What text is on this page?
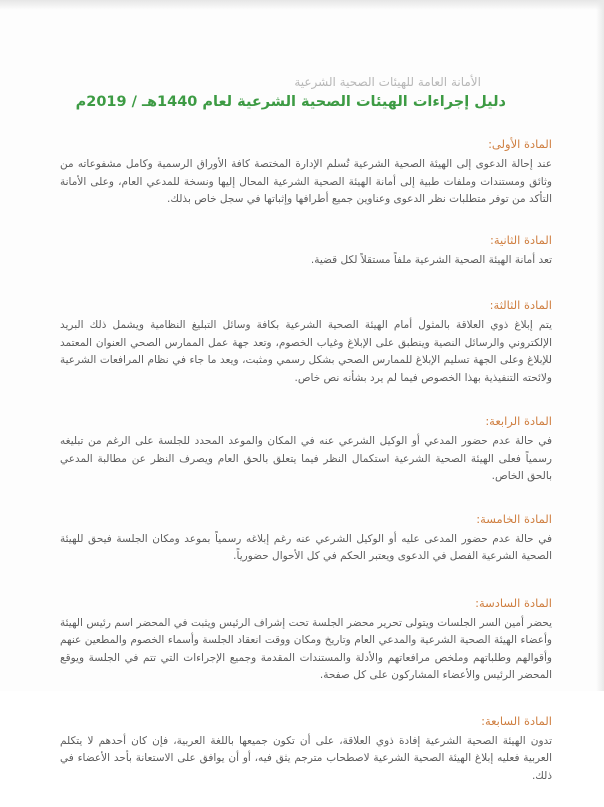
الأمانة العامة للهيئات الصحية الشرعية
دليل إجراءات الهيئات الصحية الشرعية لعام 1440هـ / 2019م
المادة الأولى:
عند إحالة الدعوى إلى الهيئة الصحية الشرعية تُسلم الإدارة المختصة كافة الأوراق الرسمية وكامل مشفوعاته من وثائق ومستندات وملفات طبية إلى أمانة الهيئة الصحية الشرعية المحال إليها ونسخة للمدعي العام، وعلى الأمانة التأكد من توفر متطلبات نظر الدعوى وعناوين جميع أطرافها وإثباتها في سجل خاص بذلك.
المادة الثانية:
تعد أمانة الهيئة الصحية الشرعية ملفاً مستقلاً لكل قضية.
المادة الثالثة:
يتم إبلاغ ذوي العلاقة بالمثول أمام الهيئة الصحية الشرعية بكافة وسائل التبليغ النظامية ويشمل ذلك البريد الإلكتروني والرسائل النصية وينطبق على الإبلاغ وغياب الخصوم، وتعد جهة عمل الممارس الصحي العنوان المعتمد للإبلاغ وعلى الجهة تسليم الإبلاغ للممارس الصحي بشكل رسمي ومثبت، ويعد ما جاء في نظام المرافعات الشرعية ولائحته التنفيذية بهذا الخصوص فيما لم يرد بشأنه نص خاص.
المادة الرابعة:
في حالة عدم حضور المدعي أو الوكيل الشرعي عنه في المكان والموعد المحدد للجلسة على الرغم من تبليغه رسمياً فعلى الهيئة الصحية الشرعية استكمال النظر فيما يتعلق بالحق العام ويصرف النظر عن مطالبة المدعي بالحق الخاص.
المادة الخامسة:
في حالة عدم حضور المدعى عليه أو الوكيل الشرعي عنه رغم إبلاغه رسمياً بموعد ومكان الجلسة فيحق للهيئة الصحية الشرعية الفصل في الدعوى ويعتبر الحكم في كل الأحوال حضورياً.
المادة السادسة:
يحضر أمين السر الجلسات ويتولى تحرير محضر الجلسة تحت إشراف الرئيس ويثبت في المحضر اسم رئيس الهيئة وأعضاء الهيئة الصحية الشرعية والمدعي العام وتاريخ ومكان ووقت انعقاد الجلسة وأسماء الخصوم والمطعين عنهم وأقوالهم وطلباتهم وملخص مرافعاتهم والأدلة والمستندات المقدمة وجميع الإجراءات التي تتم في الجلسة ويوقع المحضر الرئيس والأعضاء المشاركون على كل صفحة.
المادة السابعة:
تدون الهيئة الصحية الشرعية إفادة ذوي العلاقة، على أن تكون جميعها باللغة العربية، فإن كان أحدهم لا يتكلم العربية فعليه إبلاغ الهيئة الصحية الشرعية لاصطحاب مترجم يثق فيه، أو أن يوافق على الاستعانة بأحد الأعضاء في ذلك.
